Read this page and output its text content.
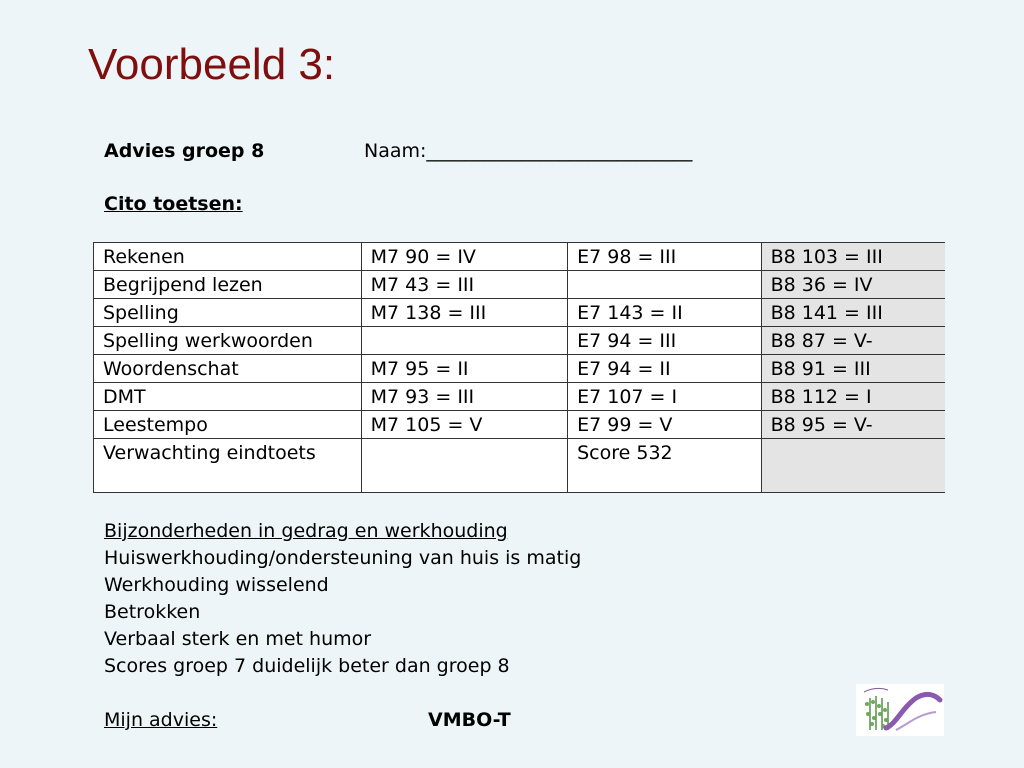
Voorbeeld 3:
Advies groep 8	Naam:____________________________
Cito toetsen:
Rekenen	M7 90 = IV	E7 98 = III	B8 103 = III
Begrijpend lezen	M7 43 = III		B8 36 = IV
Spelling	M7 138 = III	E7 143 = II	B8 141 = III
Spelling werkwoorden		E7 94 = III	B8 87 = V-
Woordenschat	M7 95 = II	E7 94 = II	B8 91 = III
DMT	M7 93 = III	E7 107 = I	B8 112 = I
Leestempo	M7 105 = V	E7 99 = V	B8 95 = V-
Verwachting eindtoets		Score 532	
Bijzonderheden in gedrag en werkhouding
Huiswerkhouding/ondersteuning van huis is matig
Werkhouding wisselend
Betrokken
Verbaal sterk en met humor
Scores groep 7 duidelijk beter dan groep 8
Mijn advies:	VMBO-T
